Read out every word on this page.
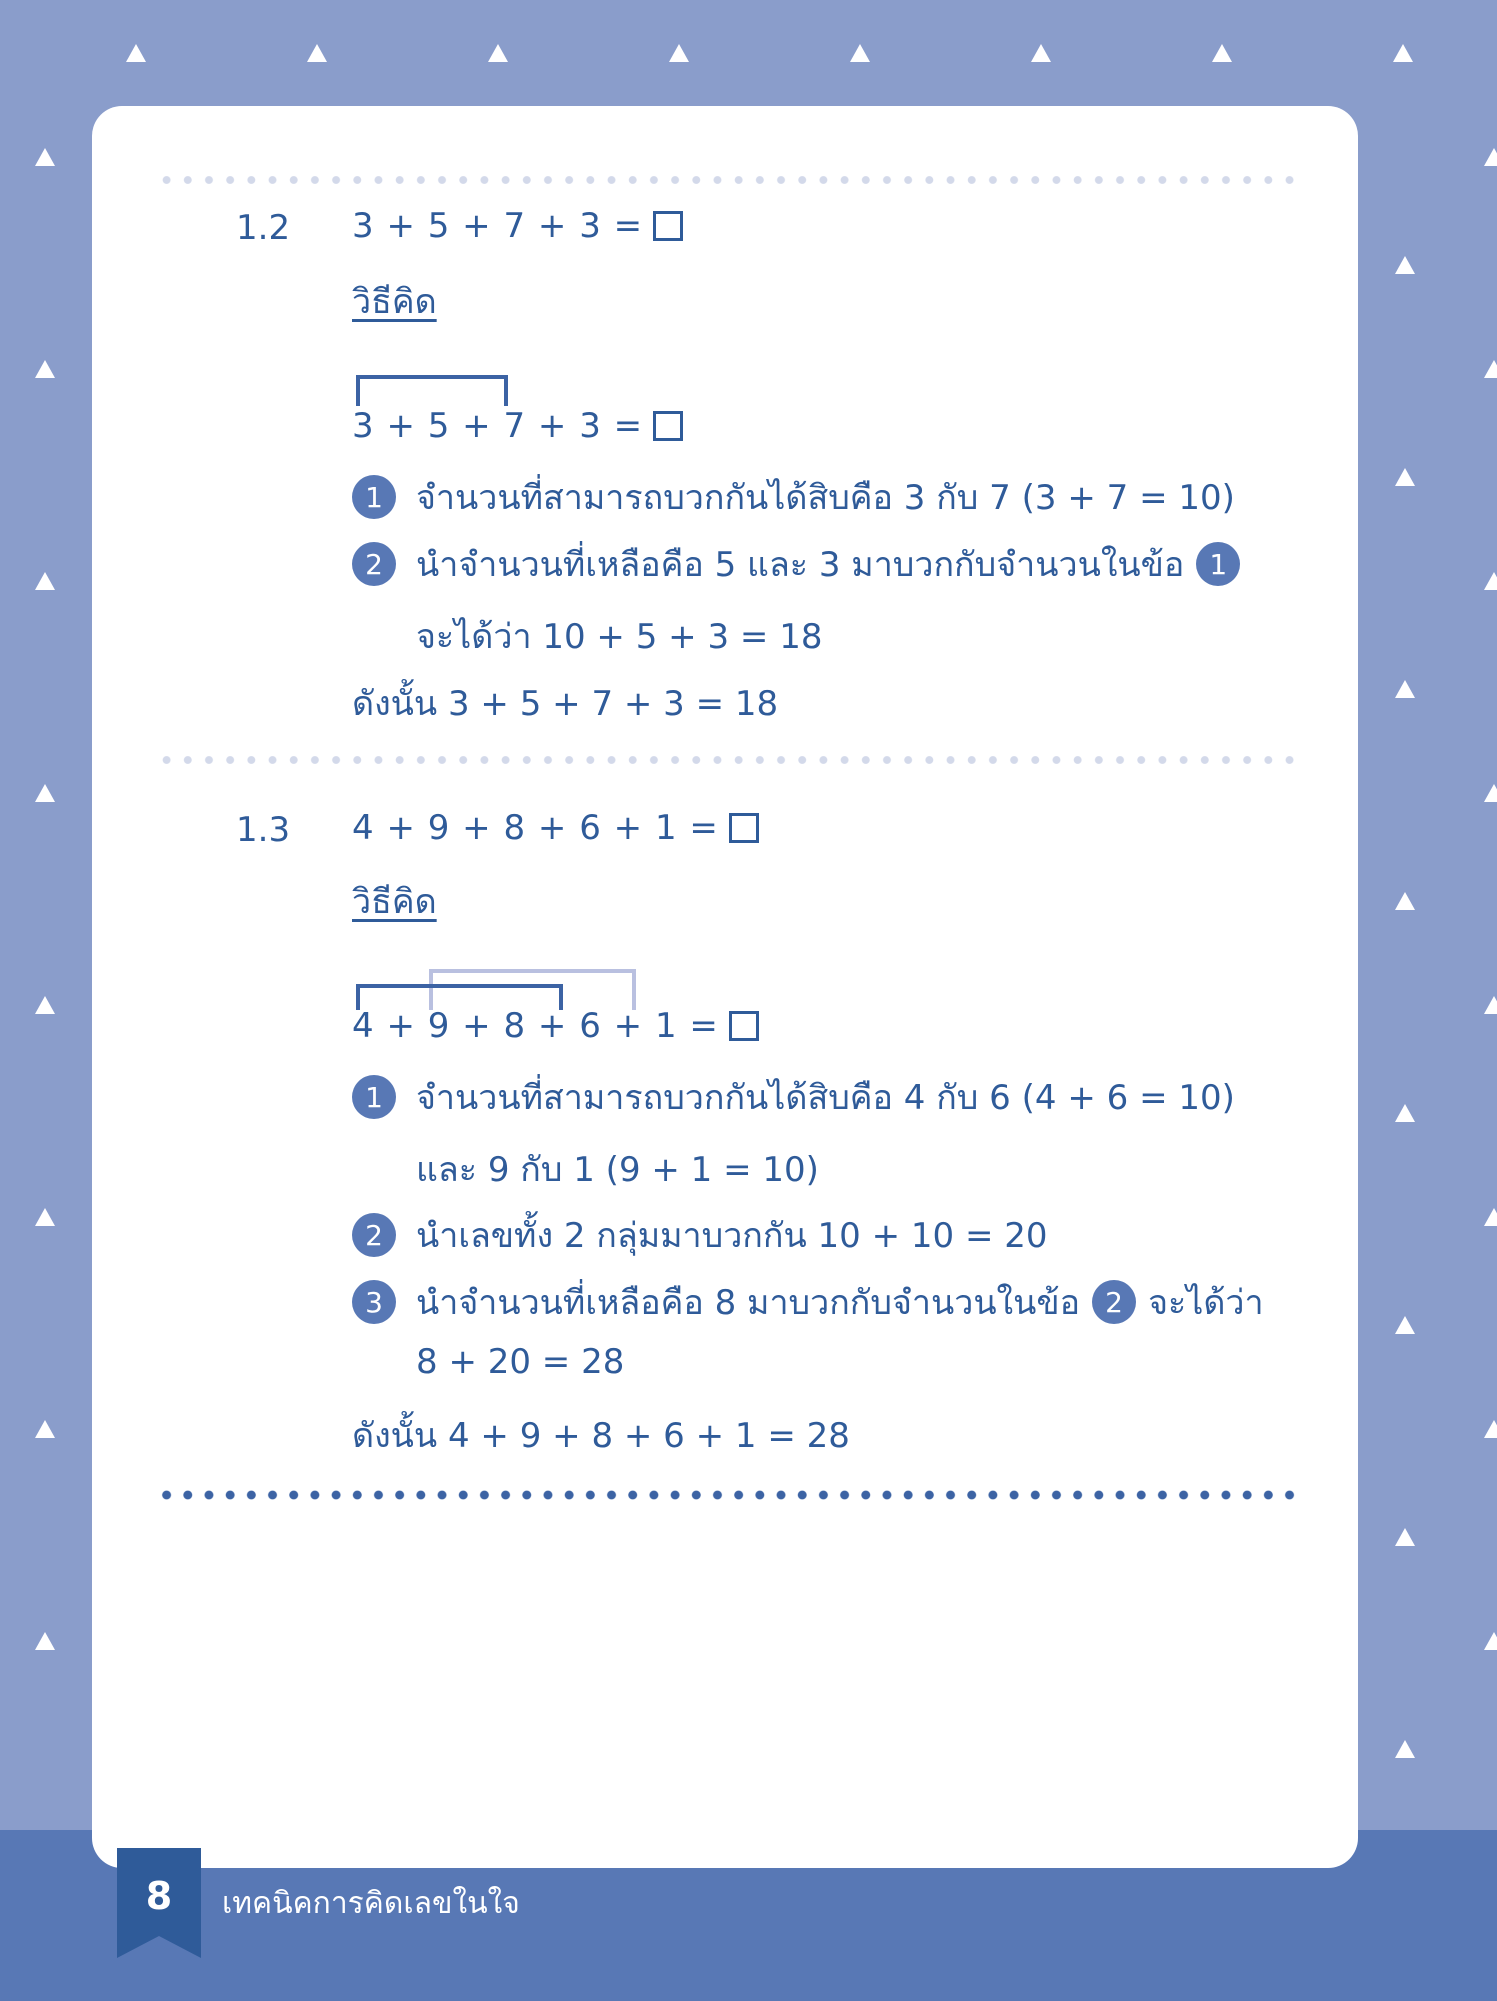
1.2 3 + 5 + 7 + 3 =
วิธีคิด
3 + 5 + 7 + 3 =
1 จำนวนที่สามารถบวกกันได้สิบคือ 3 กับ 7 (3 + 7 = 10)
2 นำจำนวนที่เหลือคือ 5 และ 3 มาบวกกับจำนวนในข้อ 1
จะได้ว่า 10 + 5 + 3 = 18
ดังนั้น 3 + 5 + 7 + 3 = 18
1.3 4 + 9 + 8 + 6 + 1 =
วิธีคิด
4 + 9 + 8 + 6 + 1 =
1 จำนวนที่สามารถบวกกันได้สิบคือ 4 กับ 6 (4 + 6 = 10)
และ 9 กับ 1 (9 + 1 = 10)
2 นำเลขทั้ง 2 กลุ่มมาบวกกัน 10 + 10 = 20
3 นำจำนวนที่เหลือคือ 8 มาบวกกับจำนวนในข้อ 2 จะได้ว่า
8 + 20 = 28
ดังนั้น 4 + 9 + 8 + 6 + 1 = 28
8	เทคนิคการคิดเลขในใจ
